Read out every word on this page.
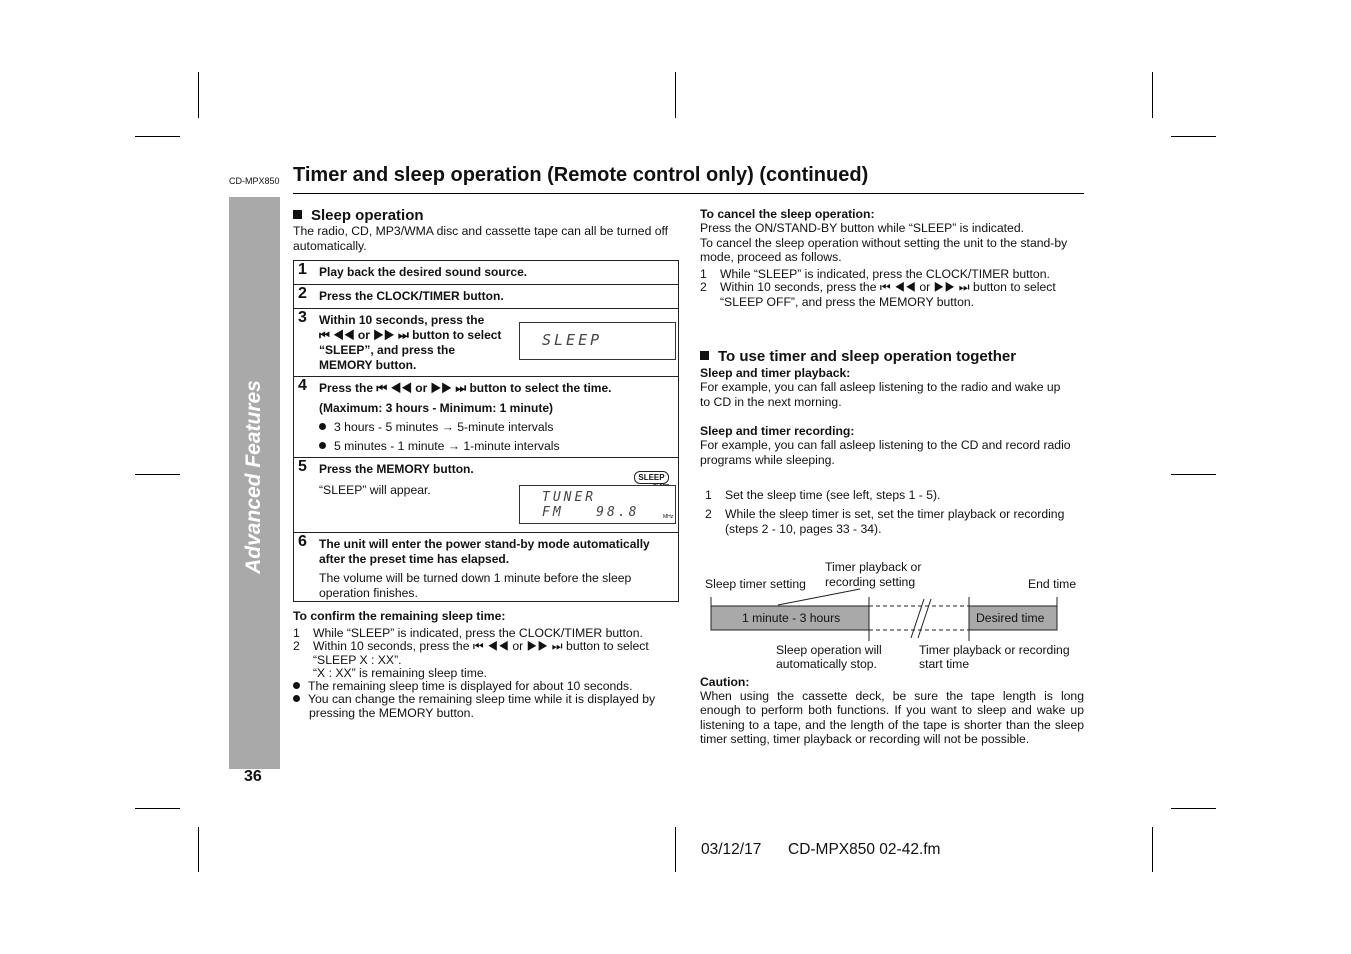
Advanced Features
36
CD-MPX850 Timer and sleep operation (Remote control only) (continued)
Sleep operation
The radio, CD, MP3/WMA disc and cassette tape can all be turned off automatically.
1 Play back the desired sound source.
2 Press the CLOCK/TIMER button.
3 Within 10 seconds, press the
⏮ ◀◀ or ▶▶ ⏭ button to select
“SLEEP”, and press the
MEMORY button.
SLEEP
4 Press the ⏮ ◀◀ or ▶▶ ⏭ button to select the time.
(Maximum: 3 hours - Minimum: 1 minute)
3 hours - 5 minutes → 5-minute intervals
5 minutes - 1 minute → 1-minute intervals
5 Press the MEMORY button.
“SLEEP” will appear.
SLEEP
TUNER
FM   98.8	MHz
6 The unit will enter the power stand-by mode automatically
after the preset time has elapsed.
The volume will be turned down 1 minute before the sleep
operation finishes.
To confirm the remaining sleep time:
1 While “SLEEP” is indicated, press the CLOCK/TIMER button.
2 Within 10 seconds, press the ⏮ ◀◀ or ▶▶ ⏭ button to select
“SLEEP X : XX”.
“X : XX” is remaining sleep time.
The remaining sleep time is displayed for about 10 seconds.
You can change the remaining sleep time while it is displayed by
pressing the MEMORY button.
To cancel the sleep operation:
Press the ON/STAND-BY button while “SLEEP” is indicated.
To cancel the sleep operation without setting the unit to the stand-by
mode, proceed as follows.
1 While “SLEEP” is indicated, press the CLOCK/TIMER button.
2 Within 10 seconds, press the ⏮ ◀◀ or ▶▶ ⏭ button to select
“SLEEP OFF”, and press the MEMORY button.
To use timer and sleep operation together
Sleep and timer playback:
For example, you can fall asleep listening to the radio and wake up
to CD in the next morning.
Sleep and timer recording:
For example, you can fall asleep listening to the CD and record radio
programs while sleeping.
1 Set the sleep time (see left, steps 1 - 5).
2 While the sleep timer is set, set the timer playback or recording
(steps 2 - 10, pages 33 - 34).
Sleep timer setting
Timer playback or
recording setting	End time
1 minute - 3 hours	Desired time
Sleep operation will
automatically stop.
Timer playback or recording
start time
Caution:
When using the cassette deck, be sure the tape length is long
enough to perform both functions. If you want to sleep and wake up
listening to a tape, and the length of the tape is shorter than the sleep
timer setting, timer playback or recording will not be possible.
03/12/17 CD-MPX850 02-42.fm
